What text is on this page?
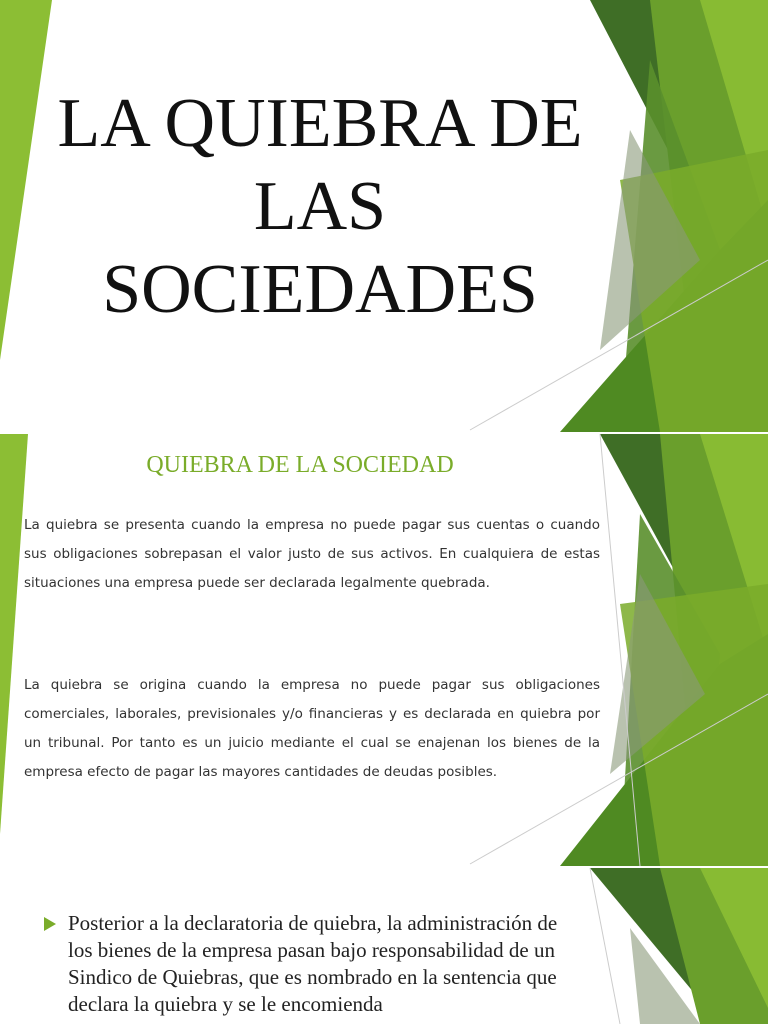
LA QUIEBRA DE LAS SOCIEDADES
QUIEBRA DE LA SOCIEDAD

La quiebra se presenta cuando la empresa no puede pagar sus cuentas o cuando sus obligaciones sobrepasan el valor justo de sus activos. En cualquiera de estas situaciones una empresa puede ser declarada legalmente quebrada.

La quiebra se origina cuando la empresa no puede pagar sus obligaciones comerciales, laborales, previsionales y/o financieras y es declarada en quiebra por un tribunal. Por tanto es un juicio mediante el cual se enajenan los bienes de la empresa efecto de pagar las mayores cantidades de deudas posibles.

Posterior a la declaratoria de quiebra, la administración de los bienes de la empresa pasan bajo responsabilidad de un Sindico de Quiebras, que es nombrado en la sentencia que declara la quiebra y se le encomienda
